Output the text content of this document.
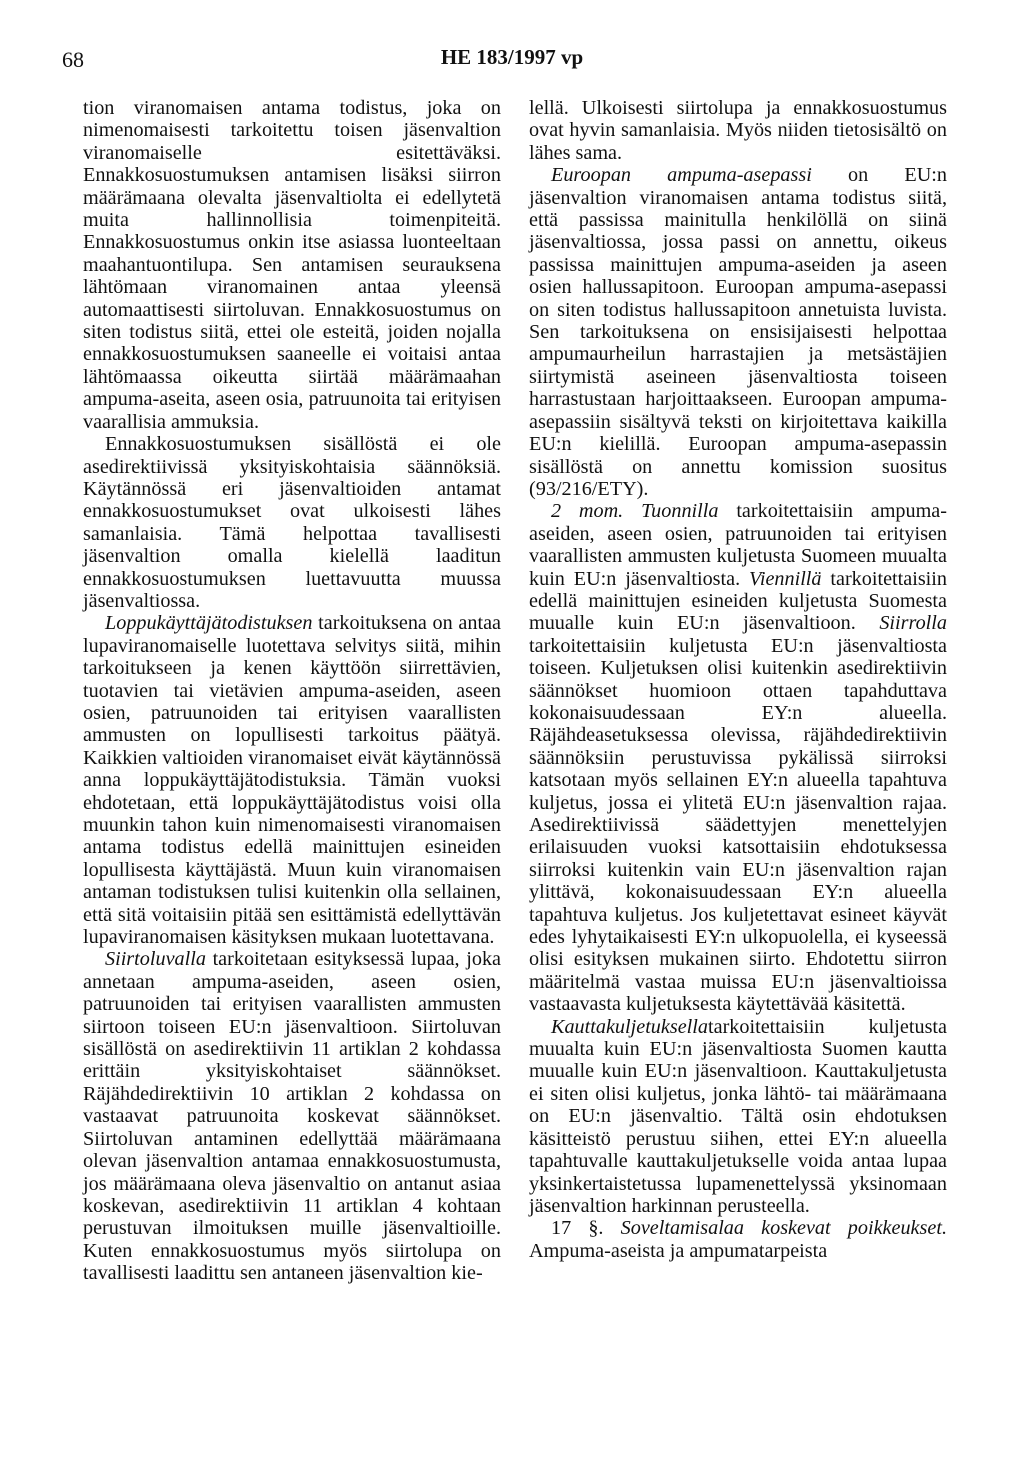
68	HE 183/1997 vp

tion viranomaisen antama todistus, joka on nimenomaisesti tarkoitettu toisen jäsenvaltion viranomaiselle esitettäväksi. Ennakkosuostumuksen antamisen lisäksi siirron määrämaana olevalta jäsenvaltiolta ei edellytetä muita hallinnollisia toimenpiteitä. Ennakkosuostumus onkin itse asiassa luonteeltaan maahantuontilupa. Sen antamisen seurauksena lähtömaan viranomainen antaa yleensä automaattisesti siirtoluvan. Ennakkosuostumus on siten todistus siitä, ettei ole esteitä, joiden nojalla ennakkosuostumuksen saaneelle ei voitaisi antaa lähtömaassa oikeutta siirtää määrämaahan ampuma-aseita, aseen osia, patruunoita tai erityisen vaarallisia ammuksia.

Ennakkosuostumuksen sisällöstä ei ole asedirektiivissä yksityiskohtaisia säännöksiä. Käytännössä eri jäsenvaltioiden antamat ennakkosuostumukset ovat ulkoisesti lähes samanlaisia. Tämä helpottaa tavallisesti jäsenvaltion omalla kielellä laaditun ennakkosuostumuksen luettavuutta muussa jäsenvaltiossa.

Loppukäyttäjätodistuksen tarkoituksena on antaa lupaviranomaiselle luotettava selvitys siitä, mihin tarkoitukseen ja kenen käyttöön siirrettävien, tuotavien tai vietävien ampuma-aseiden, aseen osien, patruunoiden tai erityisen vaarallisten ammusten on lopullisesti tarkoitus päätyä. Kaikkien valtioiden viranomaiset eivät käytännössä anna loppukäyttäjätodistuksia. Tämän vuoksi ehdotetaan, että loppukäyttäjätodistus voisi olla muunkin tahon kuin nimenomaisesti viranomaisen antama todistus edellä mainittujen esineiden lopullisesta käyttäjästä. Muun kuin viranomaisen antaman todistuksen tulisi kuitenkin olla sellainen, että sitä voitaisiin pitää sen esittämistä edellyttävän lupaviranomaisen käsityksen mukaan luotettavana.

Siirtoluvalla tarkoitetaan esityksessä lupaa, joka annetaan ampuma-aseiden, aseen osien, patruunoiden tai erityisen vaarallisten ammusten siirtoon toiseen EU:n jäsenvaltioon. Siirtoluvan sisällöstä on asedirektiivin 11 artiklan 2 kohdassa erittäin yksityiskohtaiset säännökset. Räjähdedirektiivin 10 artiklan 2 kohdassa on vastaavat patruunoita koskevat säännökset. Siirtoluvan antaminen edellyttää määrämaana olevan jäsenvaltion antamaa ennakkosuostumusta, jos määrämaana oleva jäsenvaltio on antanut asiaa koskevan, asedirektiivin 11 artiklan 4 kohtaan perustuvan ilmoituksen muille jäsenvaltioille. Kuten ennakkosuostumus myös siirtolupa on tavallisesti laadittu sen antaneen jäsenvaltion kie-

lellä. Ulkoisesti siirtolupa ja ennakkosuostumus ovat hyvin samanlaisia. Myös niiden tietosisältö on lähes sama.

Euroopan ampuma-asepassi on EU:n jäsenvaltion viranomaisen antama todistus siitä, että passissa mainitulla henkilöllä on siinä jäsenvaltiossa, jossa passi on annettu, oikeus passissa mainittujen ampuma-aseiden ja aseen osien hallussapitoon. Euroopan ampuma-asepassi on siten todistus hallussapitoon annetuista luvista. Sen tarkoituksena on ensisijaisesti helpottaa ampumaurheilun harrastajien ja metsästäjien siirtymistä aseineen jäsenvaltiosta toiseen harrastustaan harjoittaakseen. Euroopan ampuma-asepassiin sisältyvä teksti on kirjoitettava kaikilla EU:n kielillä. Euroopan ampuma-asepassin sisällöstä on annettu komission suositus (93/216/ETY).

2 mom. Tuonnilla tarkoitettaisiin ampuma-aseiden, aseen osien, patruunoiden tai erityisen vaarallisten ammusten kuljetusta Suomeen muualta kuin EU:n jäsenvaltiosta. Viennillä tarkoitettaisiin edellä mainittujen esineiden kuljetusta Suomesta muualle kuin EU:n jäsenvaltioon. Siirrolla tarkoitettaisiin kuljetusta EU:n jäsenvaltiosta toiseen. Kuljetuksen olisi kuitenkin asedirektiivin säännökset huomioon ottaen tapahduttava kokonaisuudessaan EY:n alueella. Räjähdeasetuksessa olevissa, räjähdedirektiivin säännöksiin perustuvissa pykälissä siirroksi katsotaan myös sellainen EY:n alueella tapahtuva kuljetus, jossa ei ylitetä EU:n jäsenvaltion rajaa. Asedirektiivissä säädettyjen menettelyjen erilaisuuden vuoksi katsottaisiin ehdotuksessa siirroksi kuitenkin vain EU:n jäsenvaltion rajan ylittävä, kokonaisuudessaan EY:n alueella tapahtuva kuljetus. Jos kuljetettavat esineet käyvät edes lyhytaikaisesti EY:n ulkopuolella, ei kyseessä olisi esityksen mukainen siirto. Ehdotettu siirron määritelmä vastaa muissa EU:n jäsenvaltioissa vastaavasta kuljetuksesta käytettävää käsitettä.

Kauttakuljetuksellatarkoitettaisiin kuljetusta muualta kuin EU:n jäsenvaltiosta Suomen kautta muualle kuin EU:n jäsenvaltioon. Kauttakuljetusta ei siten olisi kuljetus, jonka lähtö- tai määrämaana on EU:n jäsenvaltio. Tältä osin ehdotuksen käsitteistö perustuu siihen, ettei EY:n alueella tapahtuvalle kauttakuljetukselle voida antaa lupaa yksinkertaistetussa lupamenettelyssä yksinomaan jäsenvaltion harkinnan perusteella.

17 §. Soveltamisalaa koskevat poikkeukset. Ampuma-aseista ja ampumatarpeista
